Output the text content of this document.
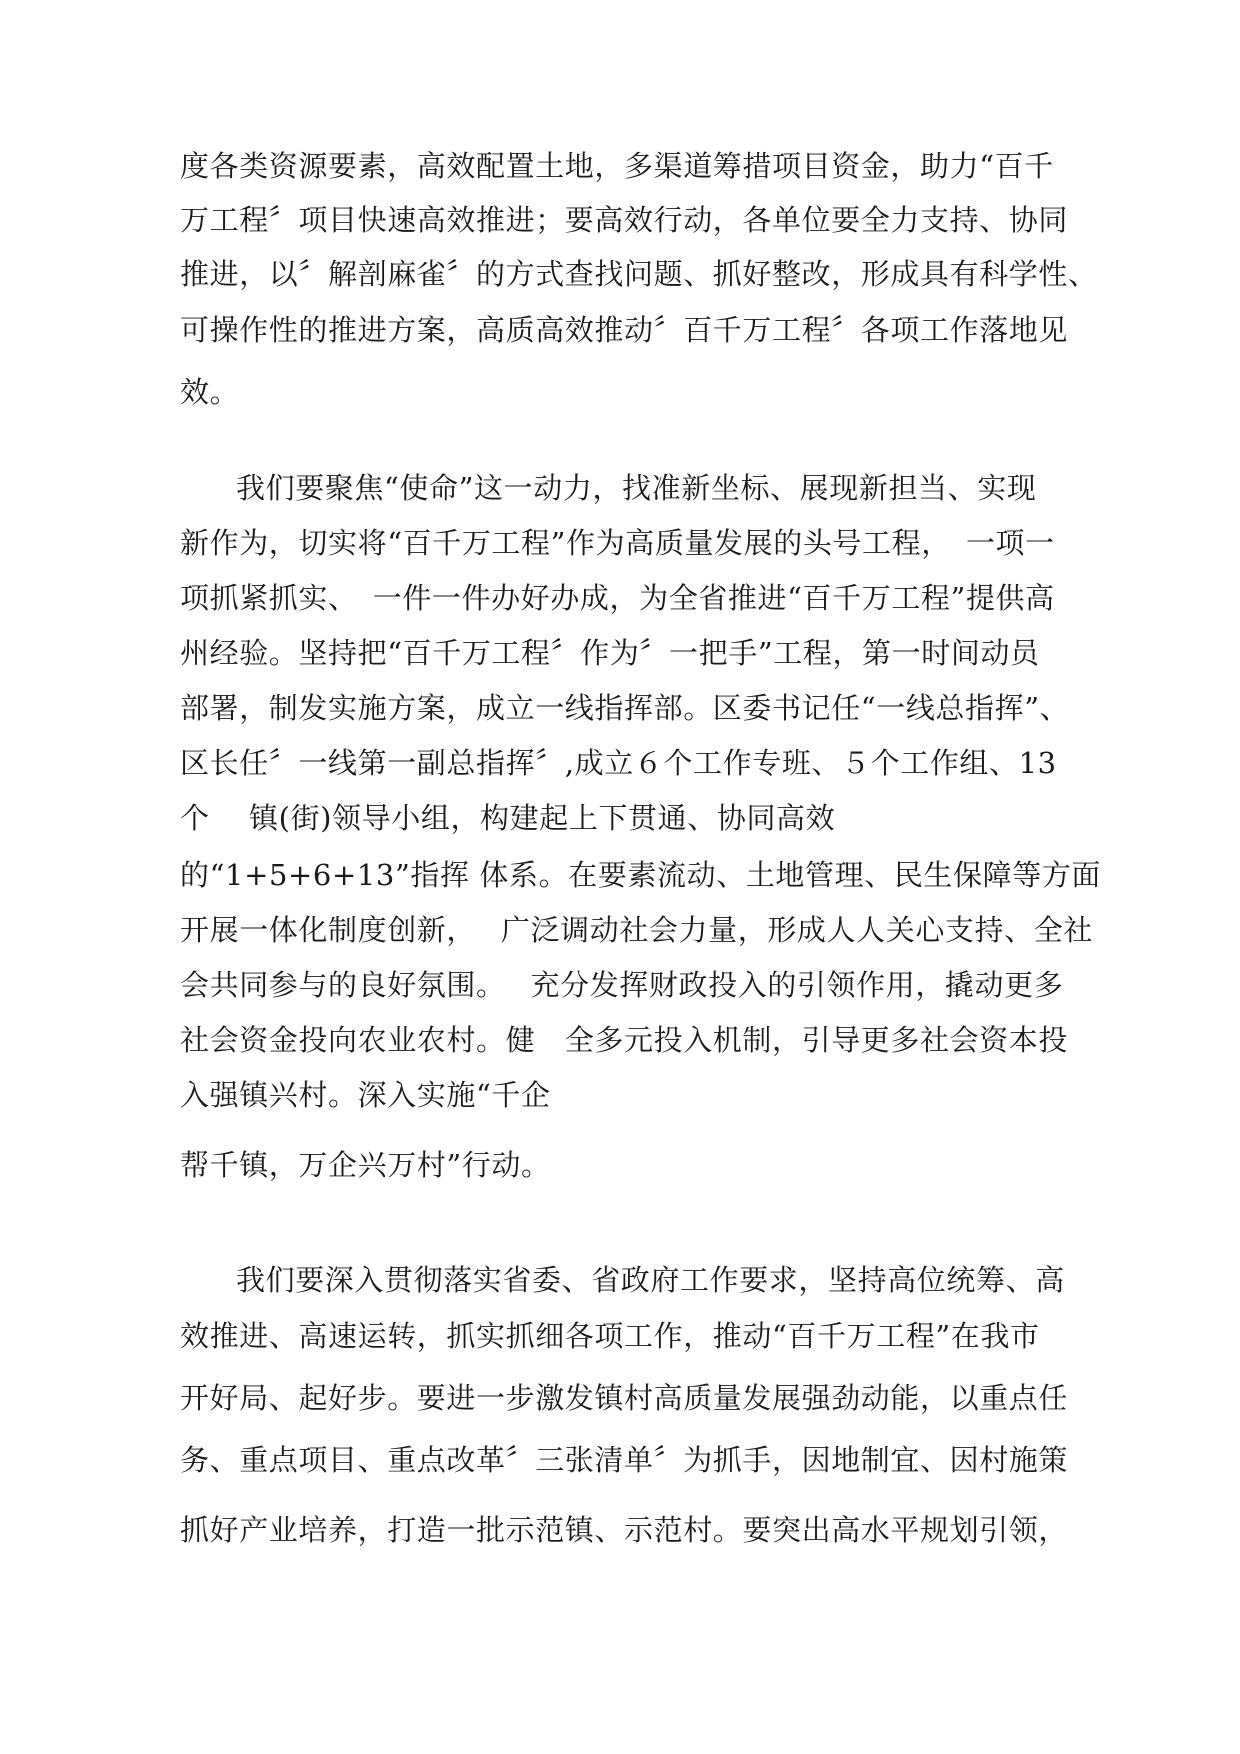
度各类资源要素，高效配置土地，多渠道筹措项目资金，助力“百千

万工程〞项目快速高效推进；要高效行动，各单位要全力支持、协同

推进，以〞解剖麻雀〞的方式查找问题、抓好整改，形成具有科学性、

可操作性的推进方案，高质高效推动〞百千万工程〞各项工作落地见

效。

我们要聚焦“使命”这一动力，找准新坐标、展现新担当、实现

新作为，切实将“百千万工程”作为高质量发展的头号工程，　一项一

项抓紧抓实、　一件一件办好办成，为全省推进“百千万工程”提供高

州经验。坚持把“百千万工程〞作为〞一把手”工程，第一时间动员

部署，制发实施方案，成立一线指挥部。区委书记任“一线总指挥”、

区长任〞一线第一副总指挥〞,成立６个工作专班、５个工作组、13

个　 镇(街)领导小组，构建起上下贯通、协同高效

的“1+5+6+13”指挥 体系。在要素流动、土地管理、民生保障等方面

开展一体化制度创新，　 广泛调动社会力量，形成人人关心支持、全社

会共同参与的良好氛围。　 充分发挥财政投入的引领作用，撬动更多

社会资金投向农业农村。健　全多元投入机制，引导更多社会资本投

入强镇兴村。深入实施“千企

帮千镇，万企兴万村”行动。

我们要深入贯彻落实省委、省政府工作要求，坚持高位统筹、高

效推进、高速运转，抓实抓细各项工作，推动“百千万工程”在我市

开好局、起好步。要进一步激发镇村高质量发展强劲动能，以重点任

务、重点项目、重点改革〞三张清单〞为抓手，因地制宜、因村施策

抓好产业培养，打造一批示范镇、示范村。要突出高水平规划引领，
